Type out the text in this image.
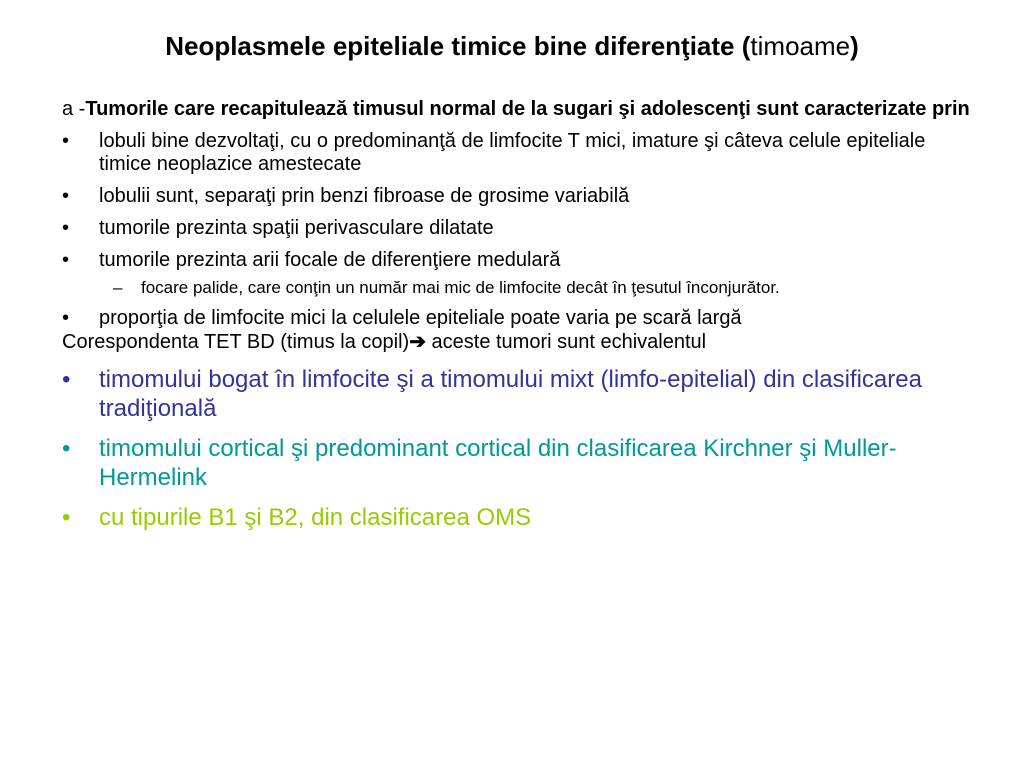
Neoplasmele epiteliale timice bine diferenţiate (timoame)
a -Tumorile care recapitulează timusul normal de la sugari şi adolescenţi sunt caracterizate prin
• lobuli bine dezvoltaţi, cu o predominanţă de limfocite T mici, imature şi câteva celule epiteliale timice neoplazice amestecate
• lobulii sunt, separaţi prin benzi fibroase de grosime variabilă
• tumorile prezinta spaţii perivasculare dilatate
• tumorile prezinta arii focale de diferenţiere medulară
– focare palide, care conţin un număr mai mic de limfocite decât în ţesutul înconjurător.
• proporţia de limfocite mici la celulele epiteliale poate varia pe scară largă
Corespondenta TET BD (timus la copil)➔ aceste tumori sunt echivalentul
• timomului bogat în limfocite şi a timomului mixt (limfo-epitelial) din clasificarea tradiţională
• timomului cortical şi predominant cortical din clasificarea Kirchner şi Muller-Hermelink
• cu tipurile B1 şi B2, din clasificarea OMS
